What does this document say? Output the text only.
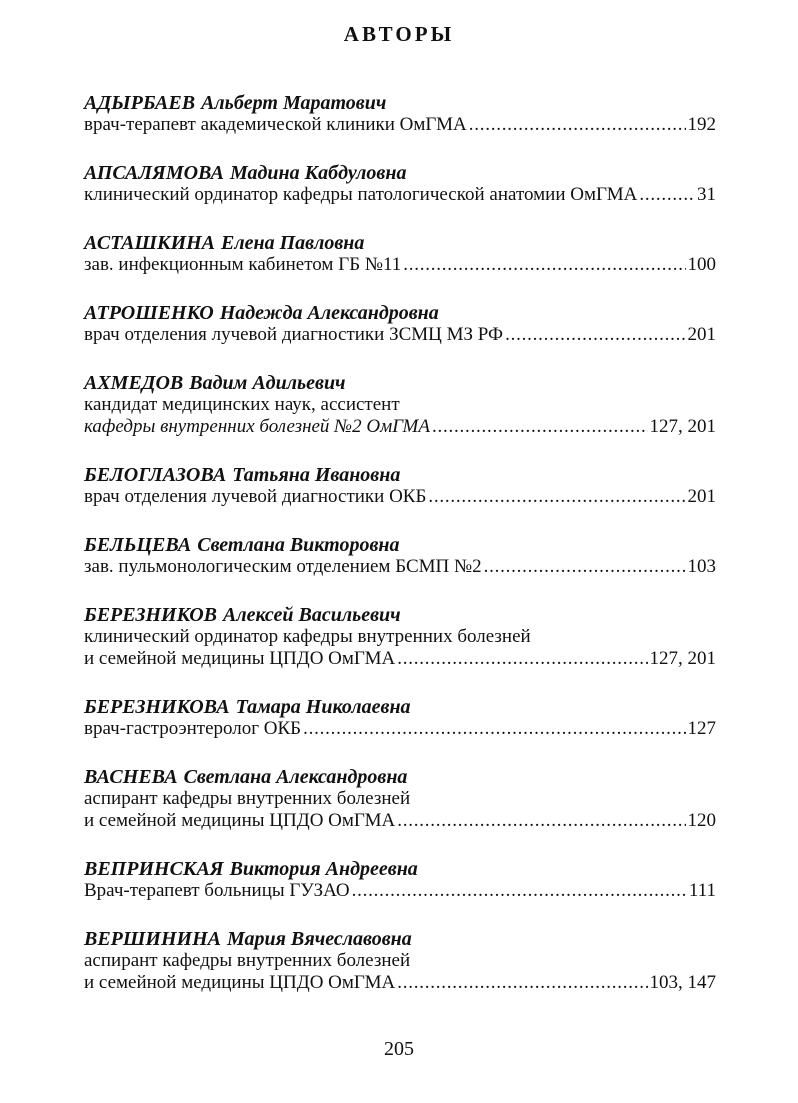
АВТОРЫ
АДЫРБАЕВ Альберт Маратович
врач-терапевт академической клиники ОмГМА . . .	192
АПСАЛЯМОВА Мадина Кабдуловна
клинический ординатор кафедры патологической анатомии ОмГМА . . .	31
АСТАШКИНА Елена Павловна
зав. инфекционным кабинетом ГБ №11 . . .	100
АТРОШЕНКО Надежда Александровна
врач отделения лучевой диагностики ЗСМЦ МЗ РФ . . .	201
АХМЕДОВ Вадим Адильевич
кандидат медицинских наук, ассистент
кафедры внутренних болезней №2 ОмГМА . . .	127, 201
БЕЛОГЛАЗОВА Татьяна Ивановна
врач отделения лучевой диагностики ОКБ . . .	201
БЕЛЬЦЕВА Светлана Викторовна
зав. пульмонологическим отделением БСМП №2 . . .	103
БЕРЕЗНИКОВ Алексей Васильевич
клинический ординатор кафедры внутренних болезней
и семейной медицины ЦПДО ОмГМА . . .	127, 201
БЕРЕЗНИКОВА Тамара Николаевна
врач-гастроэнтеролог ОКБ . . .	127
ВАСНЕВА Светлана Александровна
аспирант кафедры внутренних болезней
и семейной медицины ЦПДО ОмГМА . . .	120
ВЕПРИНСКАЯ Виктория Андреевна
Врач-терапевт больницы ГУЗАО . . .	111
ВЕРШИНИНА Мария Вячеславовна
аспирант кафедры внутренних болезней
и семейной медицины ЦПДО ОмГМА . . .	103, 147
205
